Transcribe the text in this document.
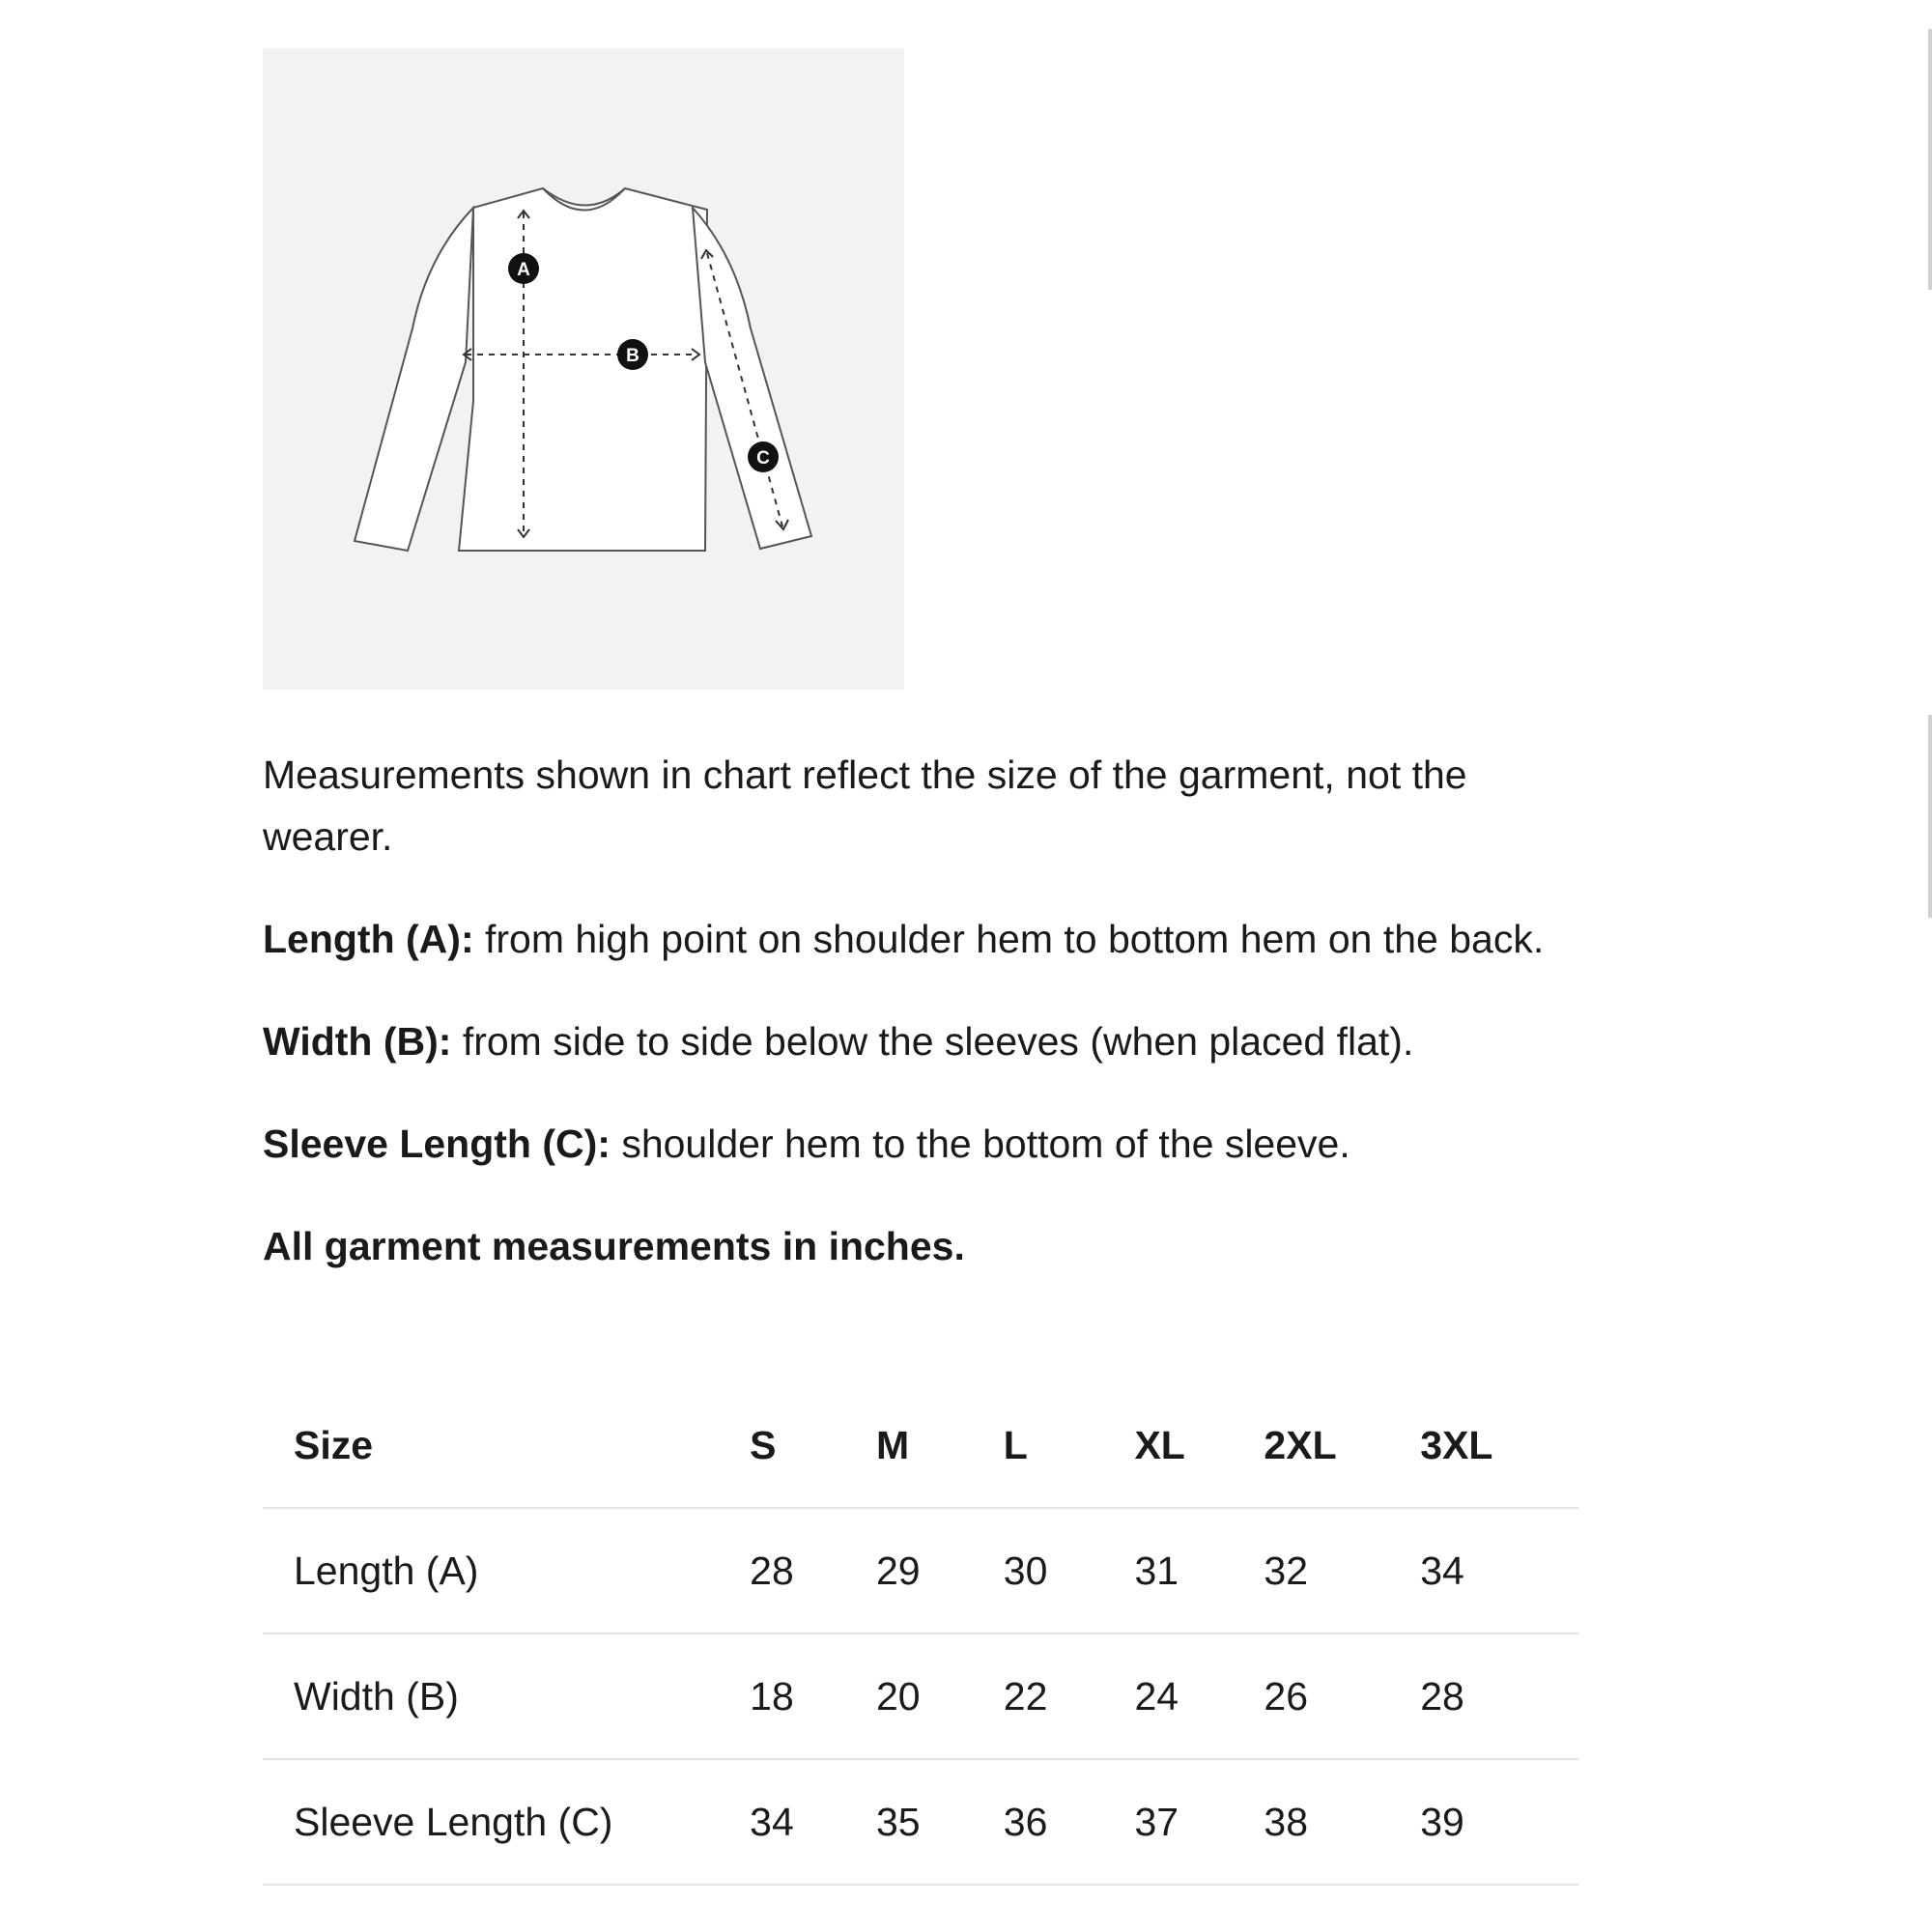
A
B
C

Measurements shown in chart reflect the size of the garment, not the wearer.

Length (A): from high point on shoulder hem to bottom hem on the back.

Width (B): from side to side below the sleeves (when placed flat).

Sleeve Length (C): shoulder hem to the bottom of the sleeve.

All garment measurements in inches.

Size	S	M	L	XL	2XL	3XL
Length (A)	28	29	30	31	32	34
Width (B)	18	20	22	24	26	28
Sleeve Length (C)	34	35	36	37	38	39
